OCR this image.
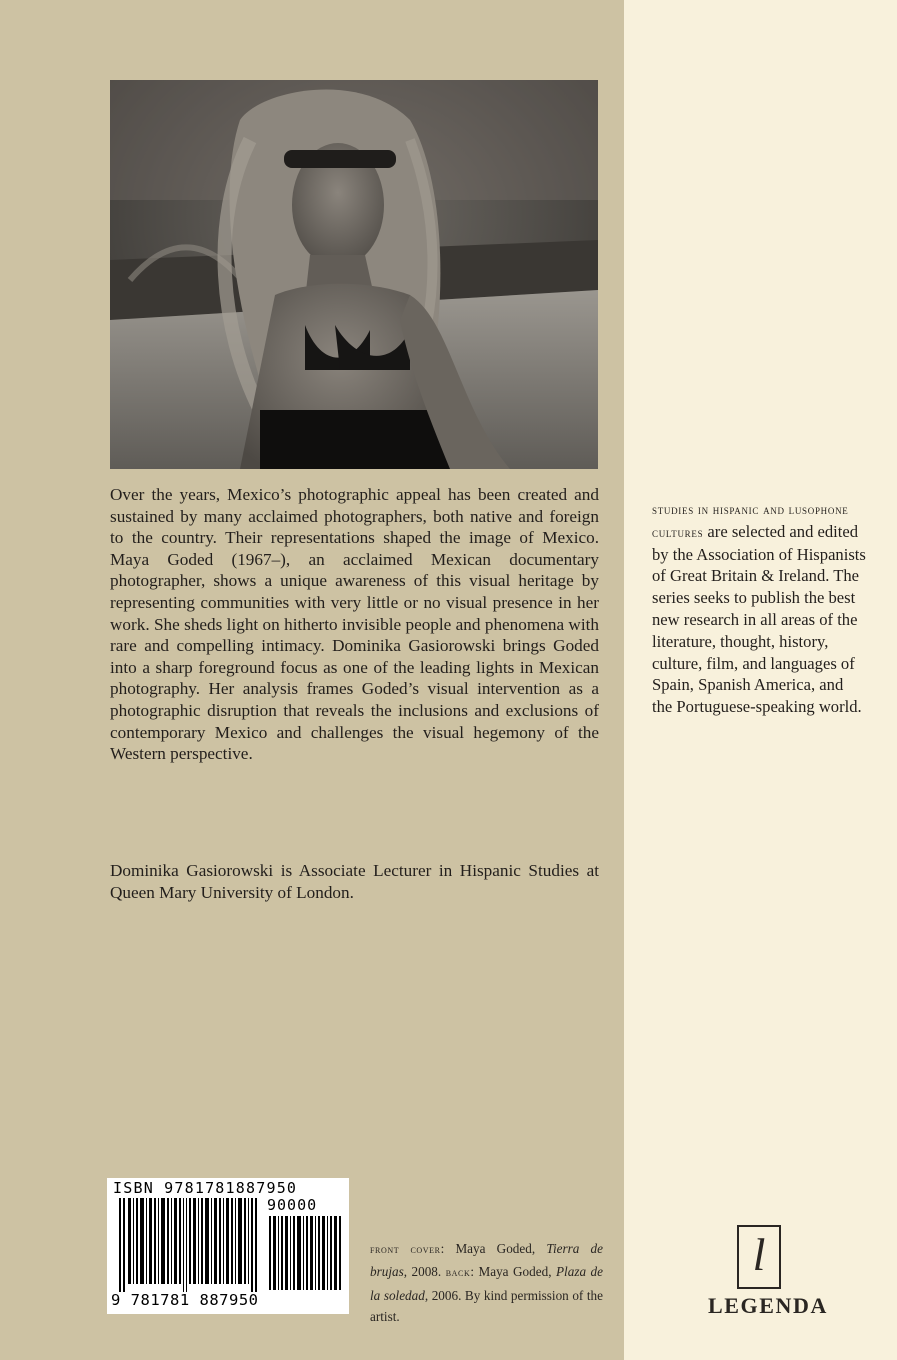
Over the years, Mexico’s photographic appeal has been created and sustained by many acclaimed photographers, both native and foreign to the country. Their representations shaped the image of Mexico. Maya Goded (1967–), an acclaimed Mexican documentary photographer, shows a unique awareness of this visual heritage by representing communities with very little or no visual presence in her work. She sheds light on hitherto invisible people and phenomena with rare and compelling intimacy. Dominika Gasiorowski brings Goded into a sharp foreground focus as one of the leading lights in Mexican photography. Her analysis frames Goded’s visual intervention as a photographic disruption that reveals the inclusions and exclusions of contemporary Mexico and challenges the visual hegemony of the Western perspective.
Dominika Gasiorowski is Associate Lecturer in Hispanic Studies at Queen Mary University of London.
studies in hispanic and lusophone cultures are selected and edited by the Association of Hispanists of Great Britain & Ireland. The series seeks to publish the best new research in all areas of the literature, thought, history, culture, film, and languages of Spain, Spanish America, and the Portuguese-speaking world.
ISBN 9781781887950
90000
9 781781 887950
front cover: Maya Goded, Tierra de brujas, 2008. back: Maya Goded, Plaza de la soledad, 2006. By kind permission of the artist.
l
LEGENDA
